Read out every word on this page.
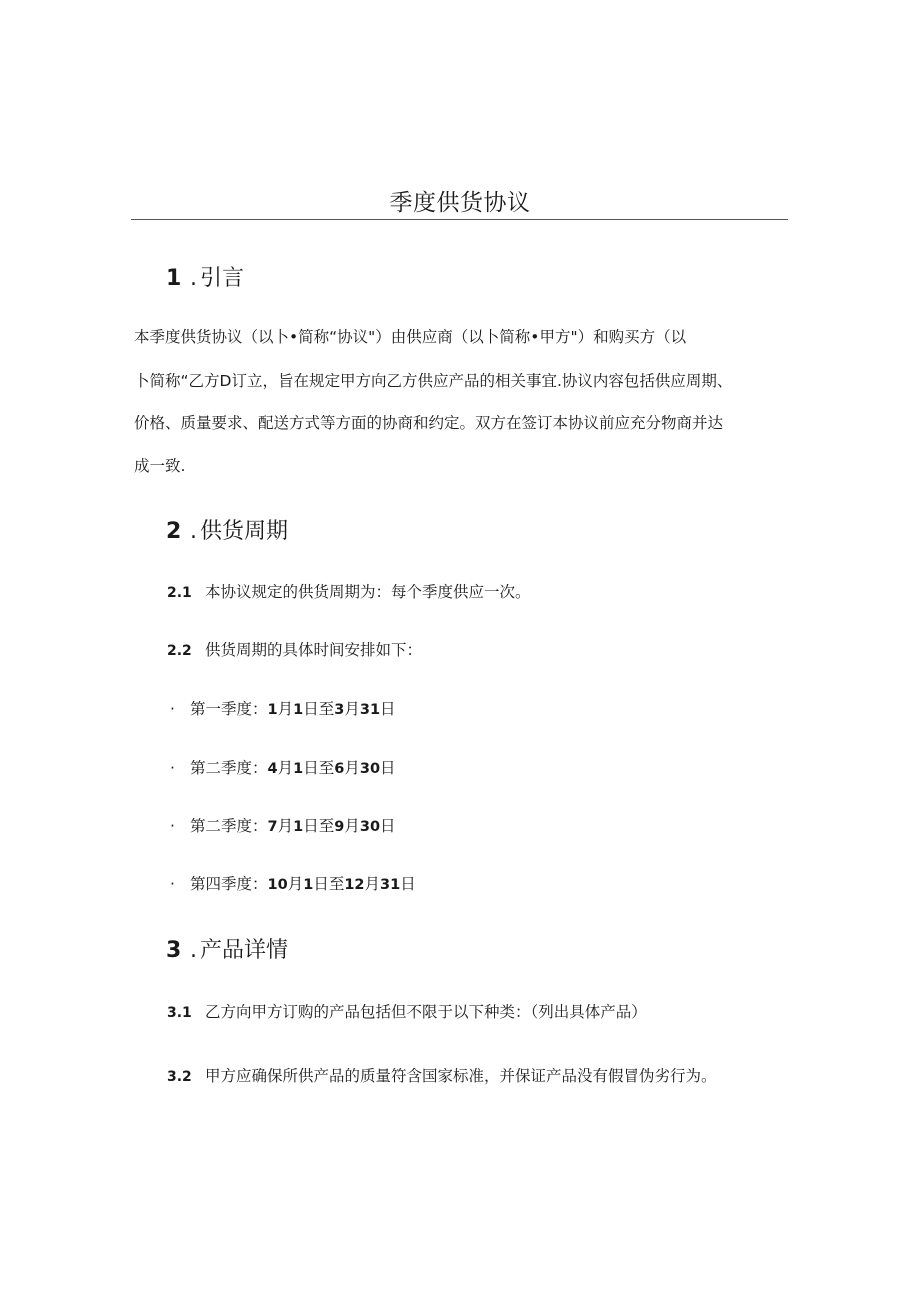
季度供货协议
1 . 引言
本季度供货协议（以卜•简称“协议"）由供应商（以卜简称•甲方"）和购买方（以
卜简称“乙方D订立，旨在规定甲方向乙方供应产品的相关事宜.协议内容包括供应周期、
价格、质量要求、配送方式等方面的协商和约定。双方在签订本协议前应充分物商并达
成一致.
2 . 供货周期
2.1 本协议规定的供货周期为：每个季度供应一次。
2.2 供货周期的具体时间安排如下：
· 第一季度：1月1日至3月31日
· 第二季度：4月1日至6月30日
· 第二季度：7月1日至9月30日
· 第四季度：10月1日至12月31日
3 . 产品详情
3.1 乙方向甲方订购的产品包括但不限于以下种类：（列出具体产品）
3.2 甲方应确保所供产品的质量符含国家标准，并保证产品没有假冒伪劣行为。
